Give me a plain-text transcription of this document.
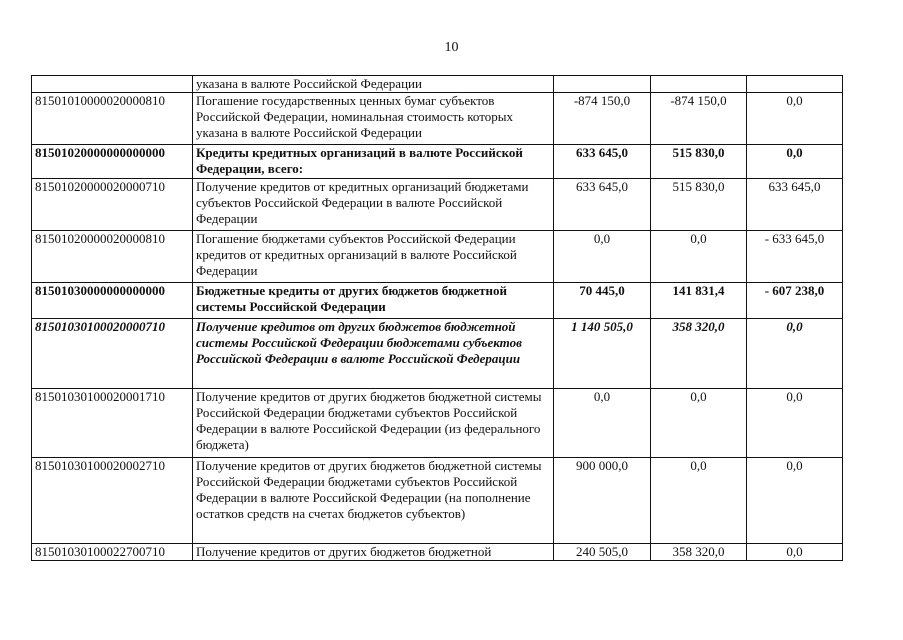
10
	указана в валюте Российской Федерации			
81501010000020000810	Погашение государственных ценных бумаг субъектов Российской Федерации, номинальная стоимость которых указана в валюте Российской Федерации	-874 150,0	-874 150,0	0,0
81501020000000000000	Кредиты кредитных организаций в валюте Российской Федерации, всего:	633 645,0	515 830,0	0,0
81501020000020000710	Получение кредитов от кредитных организаций бюджетами субъектов Российской Федерации в валюте Российской Федерации	633 645,0	515 830,0	633 645,0
81501020000020000810	Погашение бюджетами субъектов Российской Федерации кредитов от кредитных организаций в валюте Российской Федерации	0,0	0,0	- 633 645,0
81501030000000000000	Бюджетные кредиты от других бюджетов бюджетной системы Российской Федерации	70 445,0	141 831,4	- 607 238,0
81501030100020000710	Получение кредитов от других бюджетов бюджетной системы Российской Федерации бюджетами субъектов Российской Федерации в валюте Российской Федерации	1 140 505,0	358 320,0	0,0
81501030100020001710	Получение кредитов от других бюджетов бюджетной системы Российской Федерации бюджетами субъектов Российской Федерации в валюте Российской Федерации (из федерального бюджета)	0,0	0,0	0,0
81501030100020002710	Получение кредитов от других бюджетов бюджетной системы Российской Федерации бюджетами субъектов Российской Федерации в валюте Российской Федерации (на пополнение остатков средств на счетах бюджетов субъектов)	900 000,0	0,0	0,0
81501030100022700710	Получение кредитов от других бюджетов бюджетной	240 505,0	358 320,0	0,0
